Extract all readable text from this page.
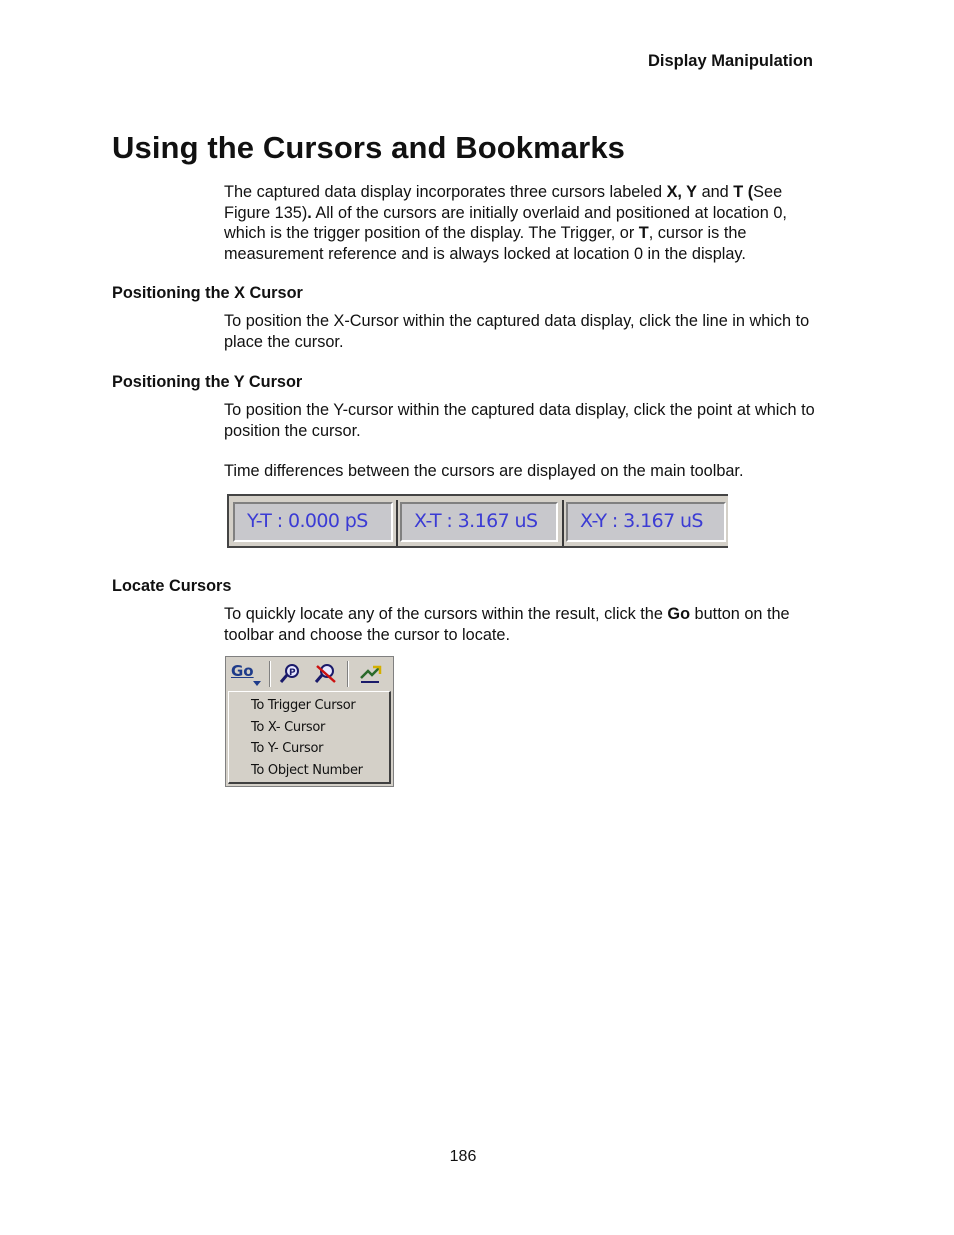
Display Manipulation
Using the Cursors and Bookmarks

The captured data display incorporates three cursors labeled X, Y and T (See Figure 135). All of the cursors are initially overlaid and positioned at location 0, which is the trigger position of the display. The Trigger, or T, cursor is the measurement reference and is always locked at location 0 in the display.

Positioning the X Cursor

To position the X-Cursor within the captured data display, click the line in which to place the cursor.

Positioning the Y Cursor

To position the Y-cursor within the captured data display, click the point at which to position the cursor.

Time differences between the cursors are displayed on the main toolbar.

Y-T : 0.000 pS	X-T : 3.167 uS	X-Y : 3.167 uS
Locate Cursors

To quickly locate any of the cursors within the result, click the Go button on the toolbar and choose the cursor to locate.

Go	P
To Trigger Cursor
To X- Cursor
To Y- Cursor
To Object Number
186
